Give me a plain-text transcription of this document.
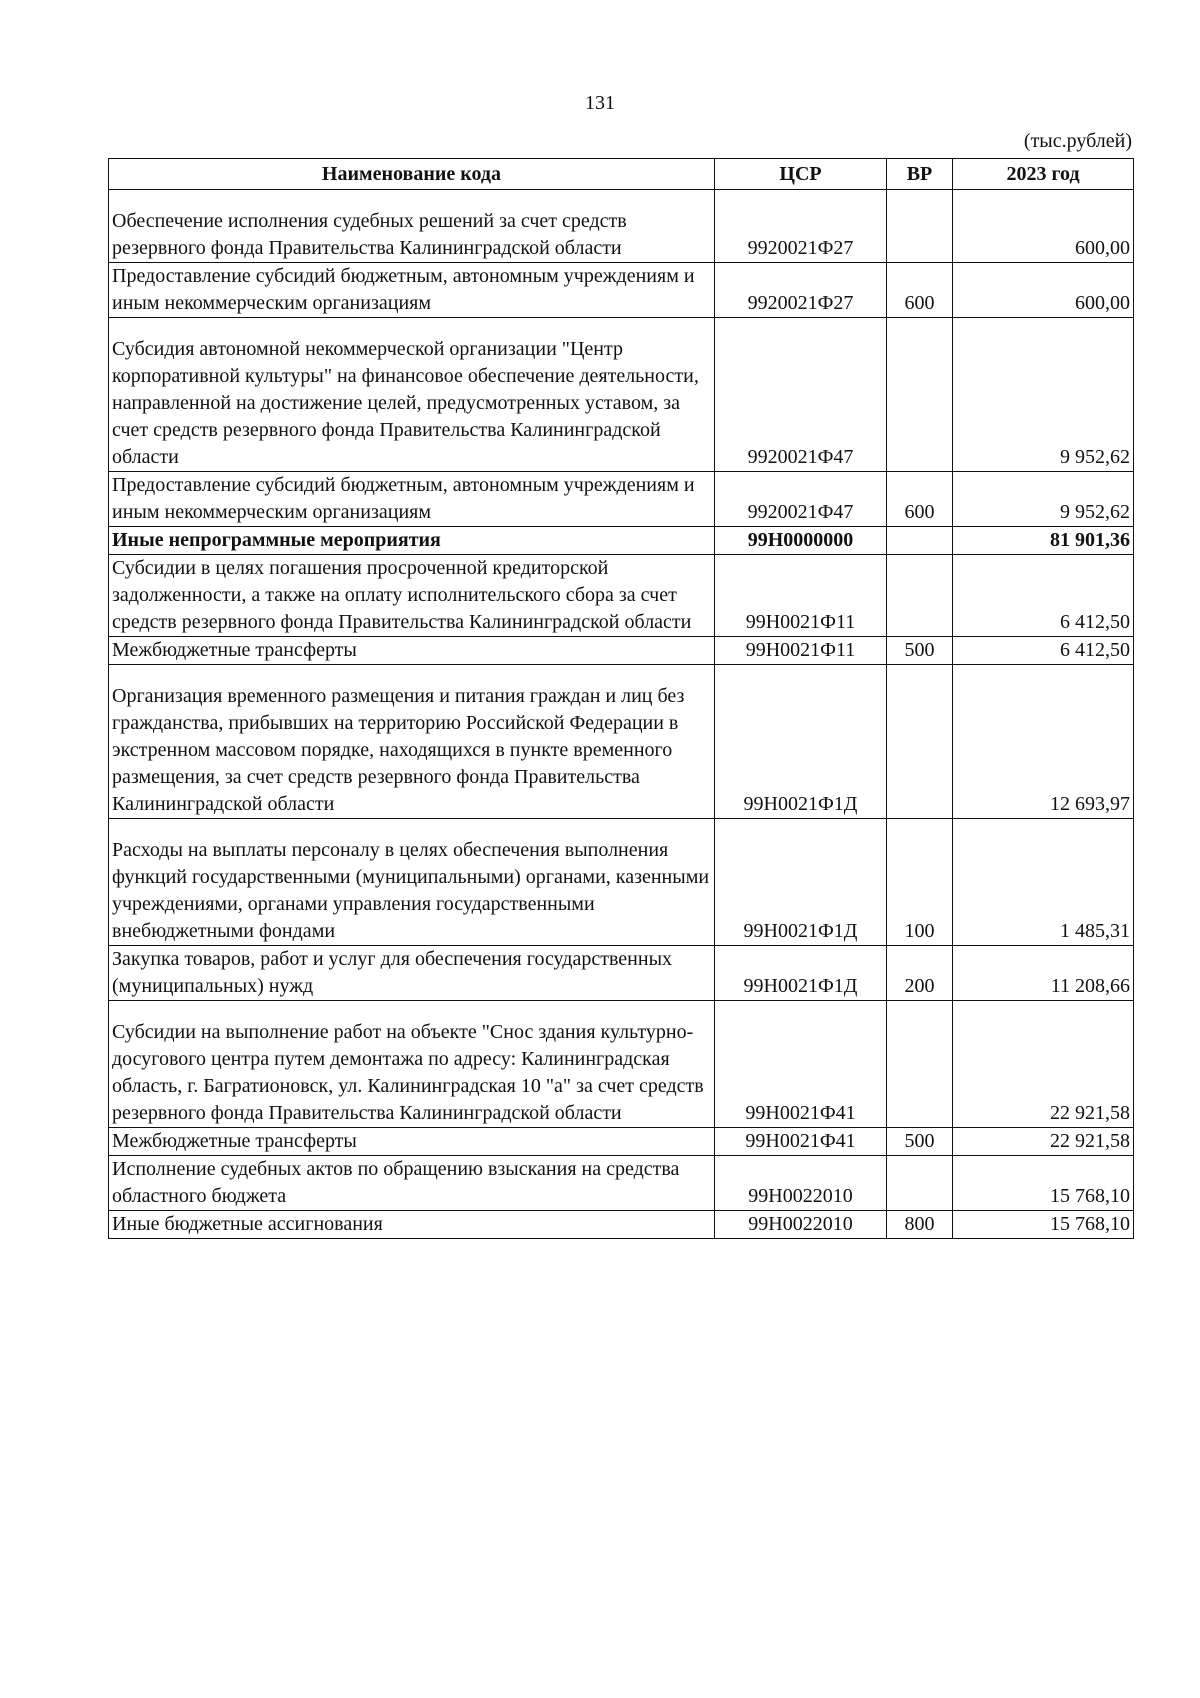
131
(тыс.рублей)
Наименование кода	ЦСР	ВР	2023 год

Обеспечение исполнения судебных решений за счет средств резервного фонда Правительства Калининградской области	9920021Ф27		600,00
Предоставление субсидий бюджетным, автономным учреждениям и иным некоммерческим организациям	9920021Ф27	600	600,00

Субсидия автономной некоммерческой организации "Центр корпоративной культуры" на финансовое обеспечение деятельности, направленной на достижение целей, предусмотренных уставом, за счет средств резервного фонда Правительства Калининградской области	9920021Ф47		9 952,62
Предоставление субсидий бюджетным, автономным учреждениям и иным некоммерческим организациям	9920021Ф47	600	9 952,62
Иные непрограммные мероприятия	99Н0000000		81 901,36
Субсидии в целях погашения просроченной кредиторской задолженности, а также на оплату исполнительского сбора за счет средств резервного фонда Правительства Калининградской области	99Н0021Ф11		6 412,50
Межбюджетные трансферты	99Н0021Ф11	500	6 412,50

Организация временного размещения и питания граждан и лиц без гражданства, прибывших на территорию Российской Федерации в экстренном массовом порядке, находящихся в пункте временного размещения, за счет средств резервного фонда Правительства Калининградской области	99Н0021Ф1Д		12 693,97

Расходы на выплаты персоналу в целях обеспечения выполнения функций государственными (муниципальными) органами, казенными учреждениями, органами управления государственными внебюджетными фондами	99Н0021Ф1Д	100	1 485,31
Закупка товаров, работ и услуг для обеспечения государственных (муниципальных) нужд	99Н0021Ф1Д	200	11 208,66

Субсидии на выполнение работ на объекте "Снос здания культурно-досугового центра путем демонтажа по адресу: Калининградская область, г. Багратионовск, ул. Калининградская 10 "а" за счет средств резервного фонда Правительства Калининградской области	99Н0021Ф41		22 921,58
Межбюджетные трансферты	99Н0021Ф41	500	22 921,58
Исполнение судебных актов по обращению взыскания на средства областного бюджета	99Н0022010		15 768,10
Иные бюджетные ассигнования	99Н0022010	800	15 768,10
